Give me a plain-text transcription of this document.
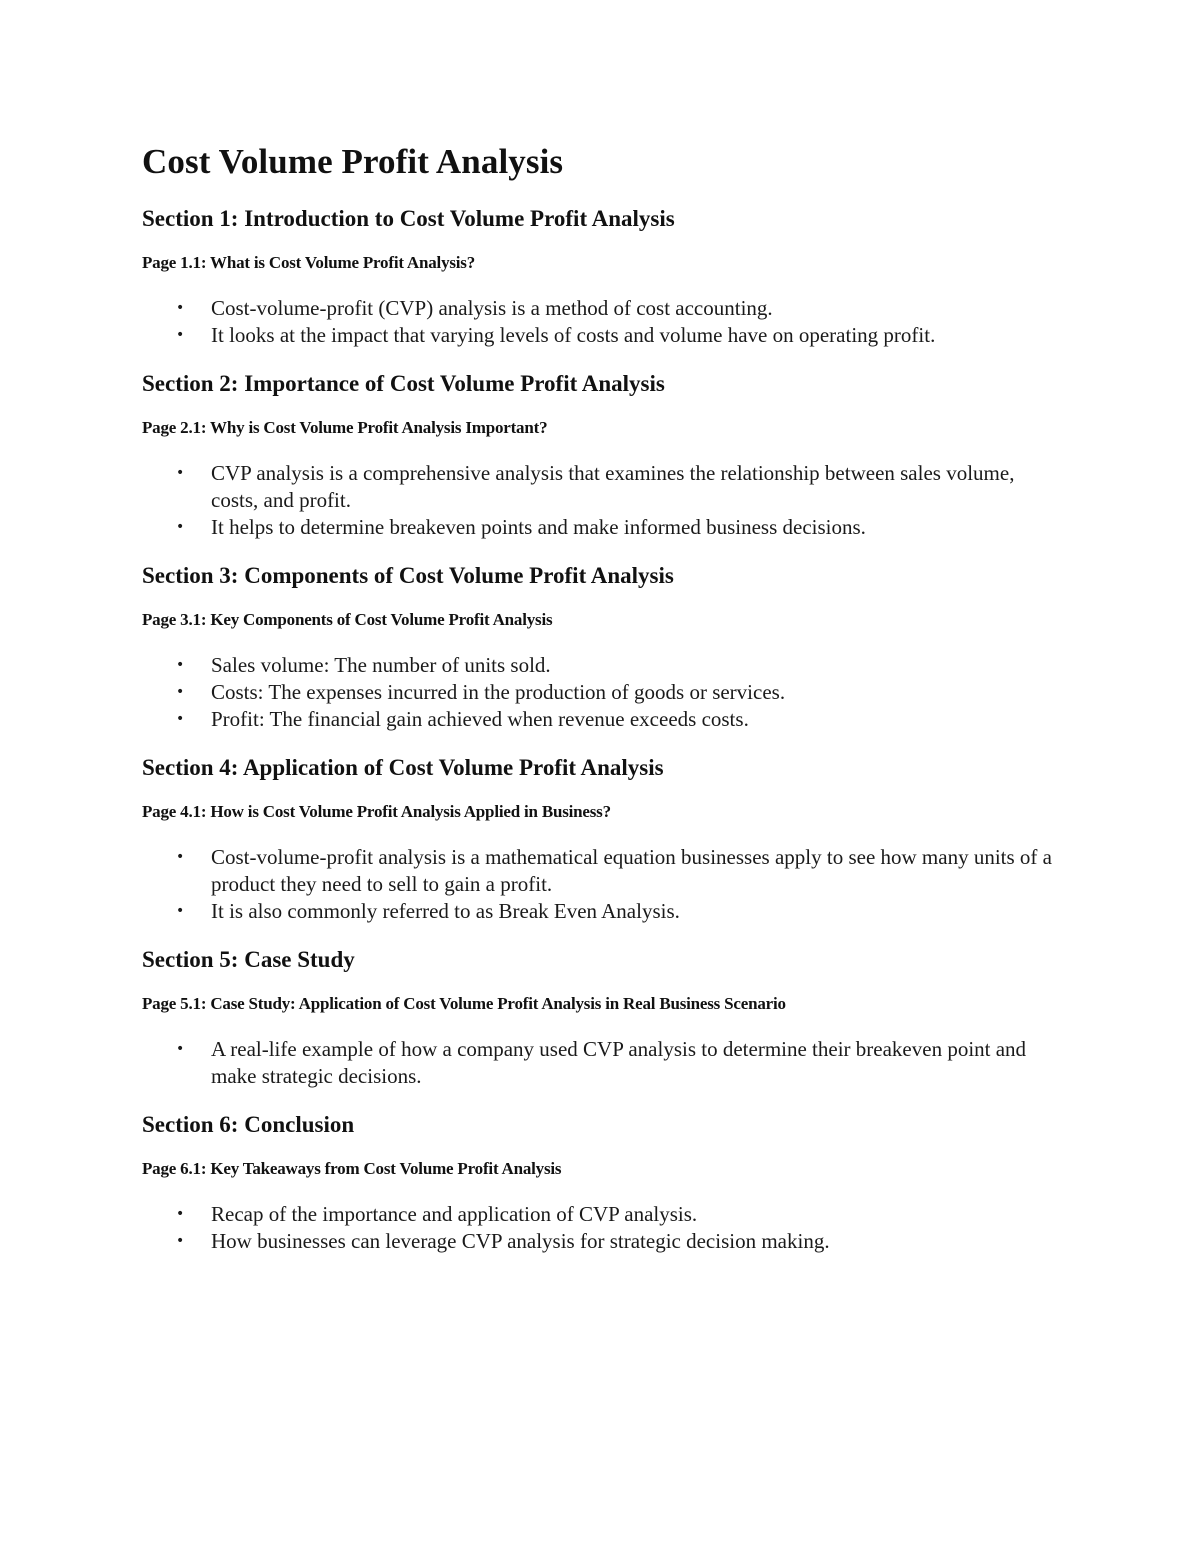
Cost Volume Profit Analysis
Section 1: Introduction to Cost Volume Profit Analysis
Page 1.1: What is Cost Volume Profit Analysis?
• Cost-volume-profit (CVP) analysis is a method of cost accounting.
• It looks at the impact that varying levels of costs and volume have on operating profit.
Section 2: Importance of Cost Volume Profit Analysis
Page 2.1: Why is Cost Volume Profit Analysis Important?
• CVP analysis is a comprehensive analysis that examines the relationship between sales volume, costs, and profit.
• It helps to determine breakeven points and make informed business decisions.
Section 3: Components of Cost Volume Profit Analysis
Page 3.1: Key Components of Cost Volume Profit Analysis
• Sales volume: The number of units sold.
• Costs: The expenses incurred in the production of goods or services.
• Profit: The financial gain achieved when revenue exceeds costs.
Section 4: Application of Cost Volume Profit Analysis
Page 4.1: How is Cost Volume Profit Analysis Applied in Business?
• Cost-volume-profit analysis is a mathematical equation businesses apply to see how many units of a product they need to sell to gain a profit.
• It is also commonly referred to as Break Even Analysis.
Section 5: Case Study
Page 5.1: Case Study: Application of Cost Volume Profit Analysis in Real Business Scenario
• A real-life example of how a company used CVP analysis to determine their breakeven point and make strategic decisions.
Section 6: Conclusion
Page 6.1: Key Takeaways from Cost Volume Profit Analysis
• Recap of the importance and application of CVP analysis.
• How businesses can leverage CVP analysis for strategic decision making.
